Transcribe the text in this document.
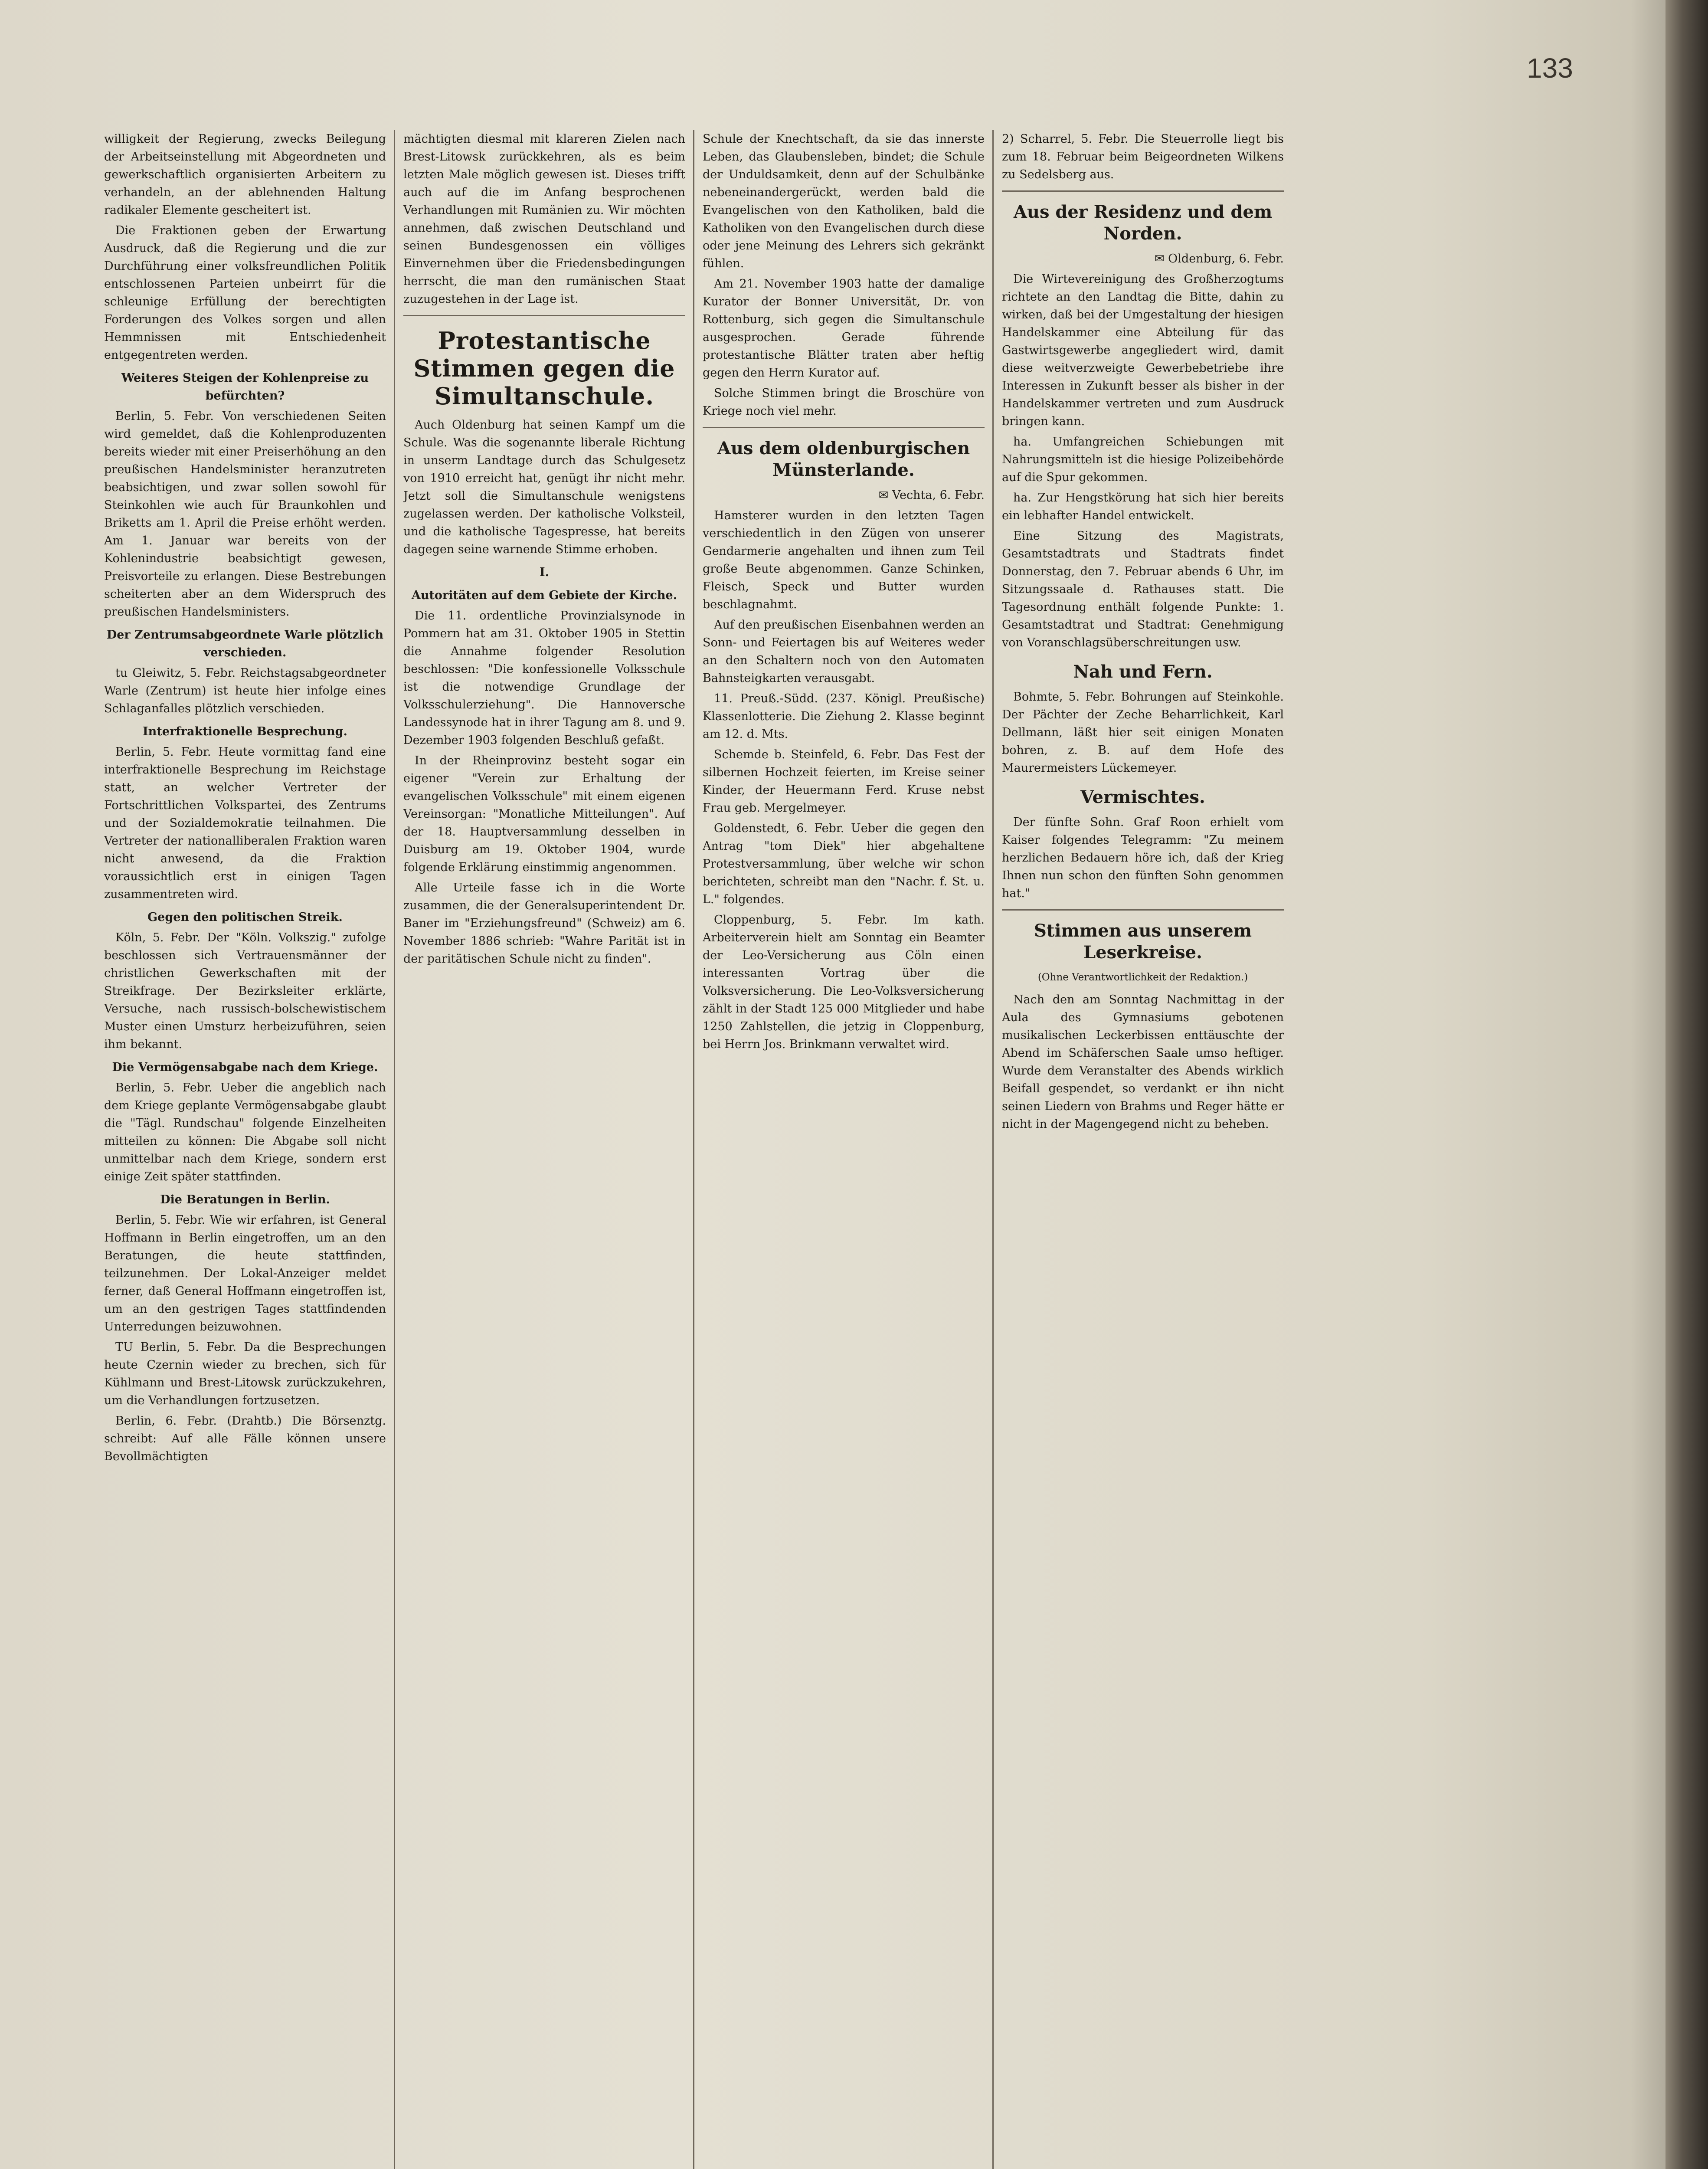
133

willigkeit der Regierung, zwecks Beilegung der Arbeitseinstellung mit Abgeordneten und gewerkschaftlich organisierten Arbeitern zu verhandeln, an der ablehnenden Haltung radikaler Elemente gescheitert ist.

Die Fraktionen geben der Erwartung Ausdruck, daß die Regierung und die zur Durchführung einer volksfreundlichen Politik entschlossenen Parteien unbeirrt für die schleunige Erfüllung der berechtigten Forderungen des Volkes sorgen und allen Hemmnissen mit Entschiedenheit entgegentreten werden.

Weiteres Steigen der Kohlenpreise zu befürchten?

Berlin, 5. Febr. Von verschiedenen Seiten wird gemeldet, daß die Kohlenproduzenten bereits wieder mit einer Preiserhöhung an den preußischen Handelsminister heranzutreten beabsichtigen, und zwar sollen sowohl für Steinkohlen wie auch für Braunkohlen und Briketts am 1. April die Preise erhöht werden. Am 1. Januar war bereits von der Kohlenindustrie beabsichtigt gewesen, Preisvorteile zu erlangen. Diese Bestrebungen scheiterten aber an dem Widerspruch des preußischen Handelsministers.

Der Zentrumsabgeordnete Warle plötzlich verschieden.

tu Gleiwitz, 5. Febr. Reichstagsabgeordneter Warle (Zentrum) ist heute hier infolge eines Schlaganfalles plötzlich verschieden.

Interfraktionelle Besprechung.

Berlin, 5. Febr. Heute vormittag fand eine interfraktionelle Besprechung im Reichstage statt, an welcher Vertreter der Fortschrittlichen Volkspartei, des Zentrums und der Sozialdemokratie teilnahmen. Die Vertreter der nationalliberalen Fraktion waren nicht anwesend, da die Fraktion voraussichtlich erst in einigen Tagen zusammentreten wird.

Gegen den politischen Streik.

Köln, 5. Febr. Der "Köln. Volkszig." zufolge beschlossen sich Vertrauensmänner der christlichen Gewerkschaften mit der Streikfrage. Der Bezirksleiter erklärte, Versuche, nach russisch-bolschewistischem Muster einen Umsturz herbeizuführen, seien ihm bekannt.

Die Vermögensabgabe nach dem Kriege.

Berlin, 5. Febr. Ueber die angeblich nach dem Kriege geplante Vermögensabgabe glaubt die "Tägl. Rundschau" folgende Einzelheiten mitteilen zu können: Die Abgabe soll nicht unmittelbar nach dem Kriege, sondern erst einige Zeit später stattfinden.

Die Beratungen in Berlin.

Berlin, 5. Febr. Wie wir erfahren, ist General Hoffmann in Berlin eingetroffen, um an den Beratungen, die heute stattfinden, teilzunehmen. Der Lokal-Anzeiger meldet ferner, daß General Hoffmann eingetroffen ist, um an den gestrigen Tages stattfindenden Unterredungen beizuwohnen.

TU Berlin, 5. Febr. Da die Besprechungen heute Czernin wieder zu brechen, sich für Kühlmann und Brest-Litowsk zurückzukehren, um die Verhandlungen fortzusetzen.

Berlin, 6. Febr. (Drahtb.) Die Börsenztg. schreibt: Auf alle Fälle können unsere Bevollmächtigten

mächtigten diesmal mit klareren Zielen nach Brest-Litowsk zurückkehren, als es beim letzten Male möglich gewesen ist. Dieses trifft auch auf die im Anfang besprochenen Verhandlungen mit Rumänien zu. Wir möchten annehmen, daß zwischen Deutschland und seinen Bundesgenossen ein völliges Einvernehmen über die Friedensbedingungen herrscht, die man den rumänischen Staat zuzugestehen in der Lage ist.

Protestantische Stimmen gegen die Simultanschule.

Auch Oldenburg hat seinen Kampf um die Schule. Was die sogenannte liberale Richtung in unserm Landtage durch das Schulgesetz von 1910 erreicht hat, genügt ihr nicht mehr. Jetzt soll die Simultanschule wenigstens zugelassen werden. Der katholische Volksteil, und die katholische Tagespresse, hat bereits dagegen seine warnende Stimme erhoben.

I.

Autoritäten auf dem Gebiete der Kirche.

Die 11. ordentliche Provinzialsynode in Pommern hat am 31. Oktober 1905 in Stettin die Annahme folgender Resolution beschlossen: "Die konfessionelle Volksschule ist die notwendige Grundlage der Volksschulerziehung". Die Hannoversche Landessynode hat in ihrer Tagung am 8. und 9. Dezember 1903 folgenden Beschluß gefaßt.

In der Rheinprovinz besteht sogar ein eigener "Verein zur Erhaltung der evangelischen Volksschule" mit einem eigenen Vereinsorgan: "Monatliche Mitteilungen". Auf der 18. Hauptversammlung desselben in Duisburg am 19. Oktober 1904, wurde folgende Erklärung einstimmig angenommen.

Alle Urteile fasse ich in die Worte zusammen, die der Generalsuperintendent Dr. Baner im "Erziehungsfreund" (Schweiz) am 6. November 1886 schrieb: "Wahre Parität ist in der paritätischen Schule nicht zu finden".

Schule der Knechtschaft, da sie das innerste Leben, das Glaubensleben, bindet; die Schule der Unduldsamkeit, denn auf der Schulbänke nebeneinandergerückt, werden bald die Evangelischen von den Katholiken, bald die Katholiken von den Evangelischen durch diese oder jene Meinung des Lehrers sich gekränkt fühlen.

Am 21. November 1903 hatte der damalige Kurator der Bonner Universität, Dr. von Rottenburg, sich gegen die Simultanschule ausgesprochen. Gerade führende protestantische Blätter traten aber heftig gegen den Herrn Kurator auf.

Solche Stimmen bringt die Broschüre von Kriege noch viel mehr.

Aus dem oldenburgischen Münsterlande.

✉ Vechta, 6. Febr.

Hamsterer wurden in den letzten Tagen verschiedentlich in den Zügen von unserer Gendarmerie angehalten und ihnen zum Teil große Beute abgenommen. Ganze Schinken, Fleisch, Speck und Butter wurden beschlagnahmt.

Auf den preußischen Eisenbahnen werden an Sonn- und Feiertagen bis auf Weiteres weder an den Schaltern noch von den Automaten Bahnsteigkarten verausgabt.

11. Preuß.-Südd. (237. Königl. Preußische) Klassenlotterie. Die Ziehung 2. Klasse beginnt am 12. d. Mts.

Schemde b. Steinfeld, 6. Febr. Das Fest der silbernen Hochzeit feierten, im Kreise seiner Kinder, der Heuermann Ferd. Kruse nebst Frau geb. Mergelmeyer.

Goldenstedt, 6. Febr. Ueber die gegen den Antrag "tom Diek" hier abgehaltene Protestversammlung, über welche wir schon berichteten, schreibt man den "Nachr. f. St. u. L." folgendes.

Cloppenburg, 5. Febr. Im kath. Arbeiterverein hielt am Sonntag ein Beamter der Leo-Versicherung aus Cöln einen interessanten Vortrag über die Volksversicherung. Die Leo-Volksversicherung zählt in der Stadt 125 000 Mitglieder und habe 1250 Zahlstellen, die jetzig in Cloppenburg, bei Herrn Jos. Brinkmann verwaltet wird.

2) Scharrel, 5. Febr. Die Steuerrolle liegt bis zum 18. Februar beim Beigeordneten Wilkens zu Sedelsberg aus.

Aus der Residenz und dem Norden.

✉ Oldenburg, 6. Febr.

Die Wirtevereinigung des Großherzogtums richtete an den Landtag die Bitte, dahin zu wirken, daß bei der Umgestaltung der hiesigen Handelskammer eine Abteilung für das Gastwirtsgewerbe angegliedert wird, damit diese weitverzweigte Gewerbebetriebe ihre Interessen in Zukunft besser als bisher in der Handelskammer vertreten und zum Ausdruck bringen kann.

ha. Umfangreichen Schiebungen mit Nahrungsmitteln ist die hiesige Polizeibehörde auf die Spur gekommen.

ha. Zur Hengstkörung hat sich hier bereits ein lebhafter Handel entwickelt.

Eine Sitzung des Magistrats, Gesamtstadtrats und Stadtrats findet Donnerstag, den 7. Februar abends 6 Uhr, im Sitzungssaale d. Rathauses statt. Die Tagesordnung enthält folgende Punkte: 1. Gesamtstadtrat und Stadtrat: Genehmigung von Voranschlagsüberschreitungen usw.

Nah und Fern.

Bohmte, 5. Febr. Bohrungen auf Steinkohle. Der Pächter der Zeche Beharrlichkeit, Karl Dellmann, läßt hier seit einigen Monaten bohren, z. B. auf dem Hofe des Maurermeisters Lückemeyer.

Vermischtes.

Der fünfte Sohn. Graf Roon erhielt vom Kaiser folgendes Telegramm: "Zu meinem herzlichen Bedauern höre ich, daß der Krieg Ihnen nun schon den fünften Sohn genommen hat."

Stimmen aus unserem Leserkreise.
(Ohne Verantwortlichkeit der Redaktion.)

Nach den am Sonntag Nachmittag in der Aula des Gymnasiums gebotenen musikalischen Leckerbissen enttäuschte der Abend im Schäferschen Saale umso heftiger. Wurde dem Veranstalter des Abends wirklich Beifall gespendet, so verdankt er ihn nicht seinen Liedern von Brahms und Reger hätte er nicht in der Magengegend nicht zu beheben.
